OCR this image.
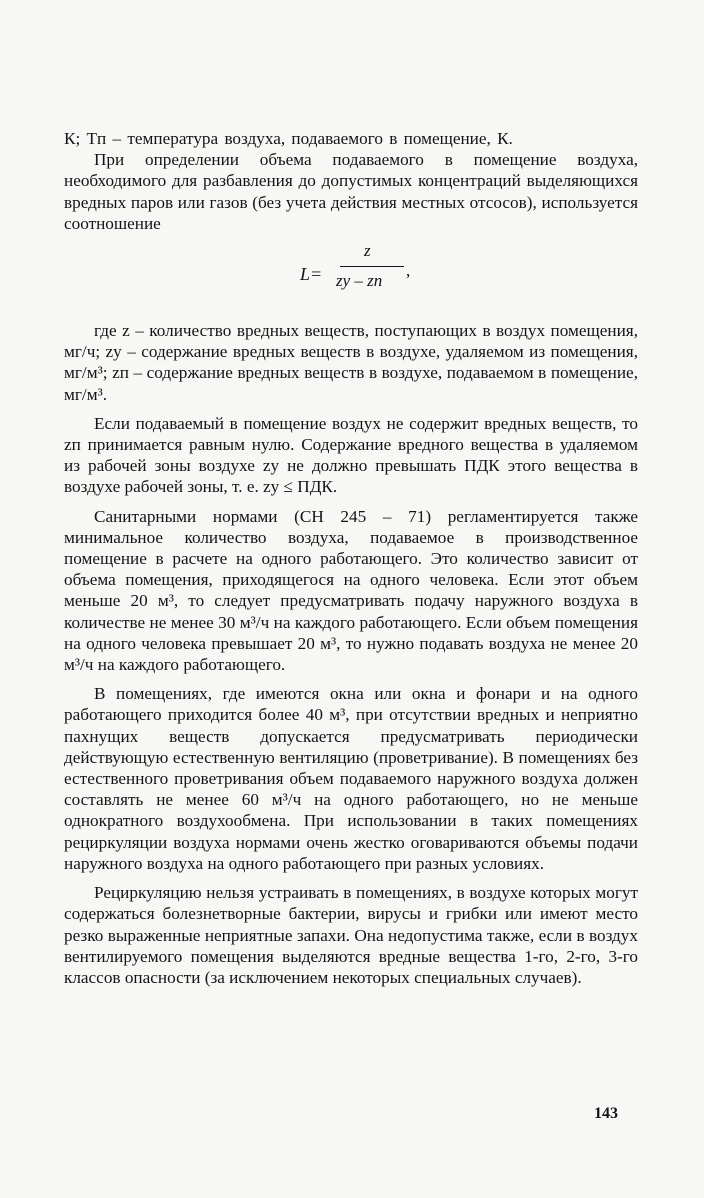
К; Tп – температура воздуха, подаваемого в помещение, К.

При определении объема подаваемого в помещение воздуха, необходимого для разбавления до допустимых концентраций выделяющихся вредных паров или газов (без учета действия местных отсосов), используется соотношение

L=
z
zу – zп
,

где z – количество вредных веществ, поступающих в воздух помещения, мг/ч; zу – содержание вредных веществ в воздухе, удаляемом из помещения, мг/м³; zп – содержание вредных веществ в воздухе, подаваемом в помещение, мг/м³.

Если подаваемый в помещение воздух не содержит вредных веществ, то zп принимается равным нулю. Содержание вредного вещества в удаляемом из рабочей зоны воздухе zу не должно превышать ПДК этого вещества в воздухе рабочей зоны, т. е. zу ≤ ПДК.

Санитарными нормами (СН 245 – 71) регламентируется также минимальное количество воздуха, подаваемое в производственное помещение в расчете на одного работающего. Это количество зависит от объема помещения, приходящегося на одного человека. Если этот объем меньше 20 м³, то следует предусматривать подачу наружного воздуха в количестве не менее 30 м³/ч на каждого работающего. Если объем помещения на одного человека превышает 20 м³, то нужно подавать воздуха не менее 20 м³/ч на каждого работающего.

В помещениях, где имеются окна или окна и фонари и на одного работающего приходится более 40 м³, при отсутствии вредных и неприятно пахнущих веществ допускается предусматривать периодически действующую естественную вентиляцию (проветривание). В помещениях без естественного проветривания объем подаваемого наружного воздуха должен составлять не менее 60 м³/ч на одного работающего, но не меньше однократного воздухообмена. При использовании в таких помещениях рециркуляции воздуха нормами очень жестко оговариваются объемы подачи наружного воздуха на одного работающего при разных условиях.

Рециркуляцию нельзя устраивать в помещениях, в воздухе которых могут содержаться болезнетворные бактерии, вирусы и грибки или имеют место резко выраженные неприятные запахи. Она недопустима также, если в воздух вентилируемого помещения выделяются вредные вещества 1-го, 2-го, 3-го классов опасности (за исключением некоторых специальных случаев).

143
